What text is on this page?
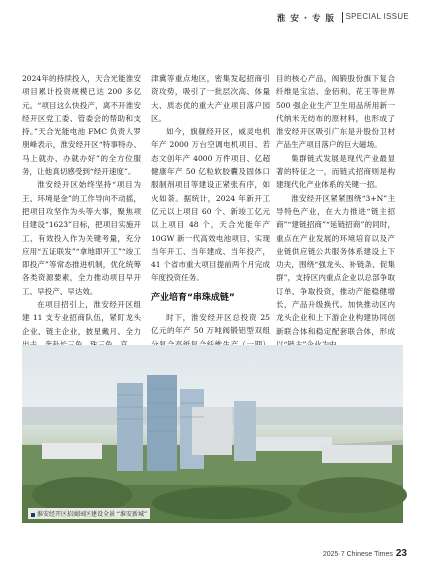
淮 安 · 专 版 SPECIAL ISSUE

2024年的持续投入，天合光能淮安项目累计投资规模已达 200 多亿元。“项目这么快投产，离不开淮安经开区党工委、管委会的帮助和支持。”天合光能电池 FMC 负责人罗朋峰表示，淮安经开区“特事特办、马上就办、办就办好”的全方位服务，让他真切感受到“经开速度”。

淮安经开区始终坚持“项目为王、环境是金”的工作导向不动摇，把项目攻坚作为头等大事，聚焦项目建设“1623”目标，把项目实施开工、有效投入作为关键考量，充分应用“五证联发”“拿地即开工”“竣工即投产”等常态推进机制，优化统筹各类资源要素，全力推动项目早开工、早投产、早达效。

在项目招引上，淮安经开区组建 11 支专业招商队伍，紧盯龙头企业、链主企业，披星戴月、全力

津冀等重点地区，密集发起招商引资攻势，吸引了一批层次高、体量大、质态优的重大产业项目落户园区。

如今，旗舰经开区，威灵电机年产 2000 万台空调电机项目、若态文创年产 4000 万件项目、亿超健康年产 50 亿粒软胶囊及固体口服制剂项目等建设正紧张有序，如火如荼。据统计，2024 年新开工亿元以上项目 60 个、新竣工亿元以上项目 48 个，天合光能年产 10GW 新一代高效电池项目、实现当年开工、当年建成、当年投产，41 个省市重大项目提前两个月完成年度投资任务。

产业培育“串珠成链”

时下，淮安经开区总投资 25 亿元的年产 50 万吨阀锻铝型双组

目的核心产品，阀锻股份旗下复合纤维是宝洁、金佰利、花王等世界 500 强企业生产卫生用品所用新一代纳米无纺布的原材料，也形成了淮安经开区吸引广东是升股份卫材产品生产项目落户的巨大磁场。

集群链式发展是现代产业最显著的特征之一，而链式招商则是构建现代化产业体系的关键一招。

淮安经开区紧紧围绕“3+N”主导特色产业，在大力推进“链主招商”“建链招商”“延链招商”的同时，重点在产业发展的环境培育以及产业链供应链公共服务体系建设上下功夫，围绕“强龙头、补链条、促集群”，支持区内重点企业以总部争取订单、争取投资，推动产能稳健增长，产品升级换代。加快推动区内龙头企业和上下游企业构建协同创新联合体和稳定配套联合体，形成

淮安经开区招商园区建设全景 “淮安新城”
2025·7 Chinese Times 23
